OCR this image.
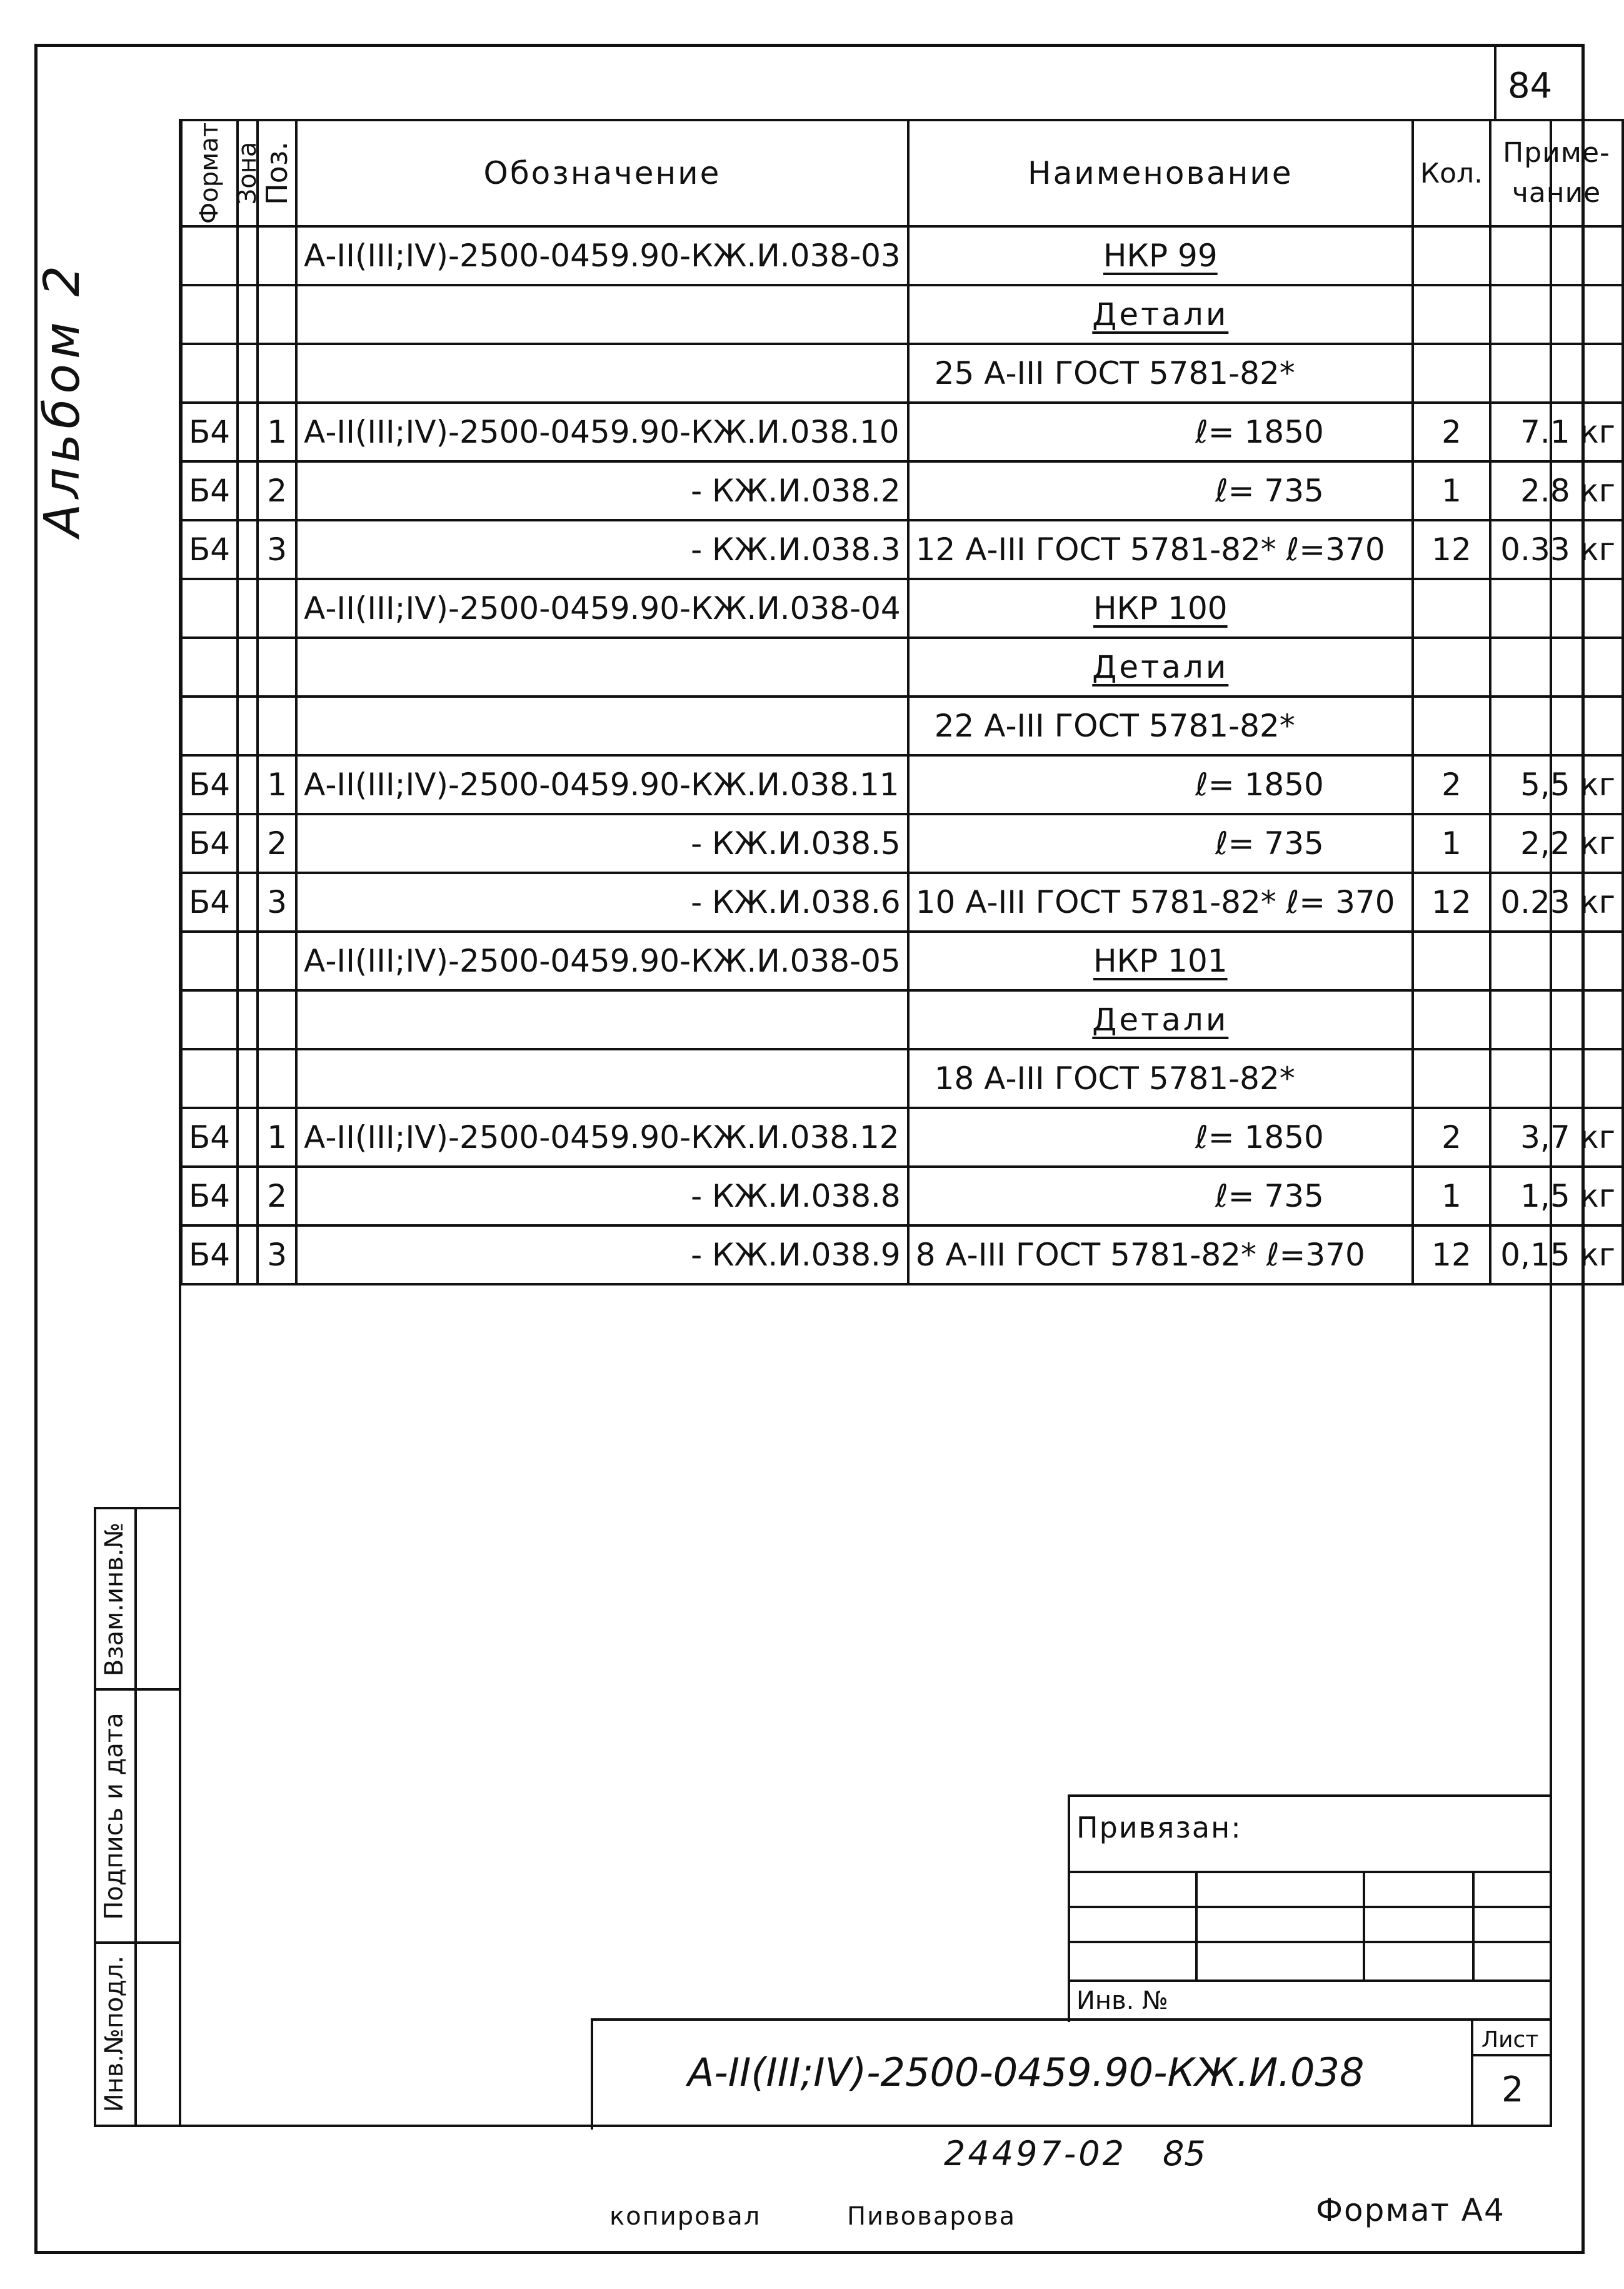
84
Альбом 2
Формат	Зона	Поз.	Обозначение	Наименование	Кол.	Приме-
чание

			А-II(III;IV)-2500-0459.90-КЖ.И.038-03	НКР 99		
				Детали		
				25 А-III ГОСТ 5781-82*		
Б4		1	А-II(III;IV)-2500-0459.90-КЖ.И.038.10	ℓ= 1850	2	7.1 кг
Б4		2	- КЖ.И.038.2	ℓ= 735	1	2.8 кг
Б4		3	- КЖ.И.038.3	12 А-III ГОСТ 5781-82* ℓ=370	12	0.33 кг
			А-II(III;IV)-2500-0459.90-КЖ.И.038-04	НКР 100		
				Детали		
				22 А-III ГОСТ 5781-82*		
Б4		1	А-II(III;IV)-2500-0459.90-КЖ.И.038.11	ℓ= 1850	2	5,5 кг
Б4		2	- КЖ.И.038.5	ℓ= 735	1	2,2 кг
Б4		3	- КЖ.И.038.6	10 А-III ГОСТ 5781-82* ℓ= 370	12	0.23 кг
			А-II(III;IV)-2500-0459.90-КЖ.И.038-05	НКР 101		
				Детали		
				18 А-III ГОСТ 5781-82*		
Б4		1	А-II(III;IV)-2500-0459.90-КЖ.И.038.12	ℓ= 1850	2	3,7 кг
Б4		2	- КЖ.И.038.8	ℓ= 735	1	1,5 кг
Б4		3	- КЖ.И.038.9	8 А-III ГОСТ 5781-82* ℓ=370	12	0,15 кг
Взам.инв.№
Подпись и дата
Инв.№подл.
Привязан:
Инв. №
А-II(III;IV)-2500-0459.90-КЖ.И.038
Лист
2
24497-02 85
копировал	Пивоварова	Формат А4
